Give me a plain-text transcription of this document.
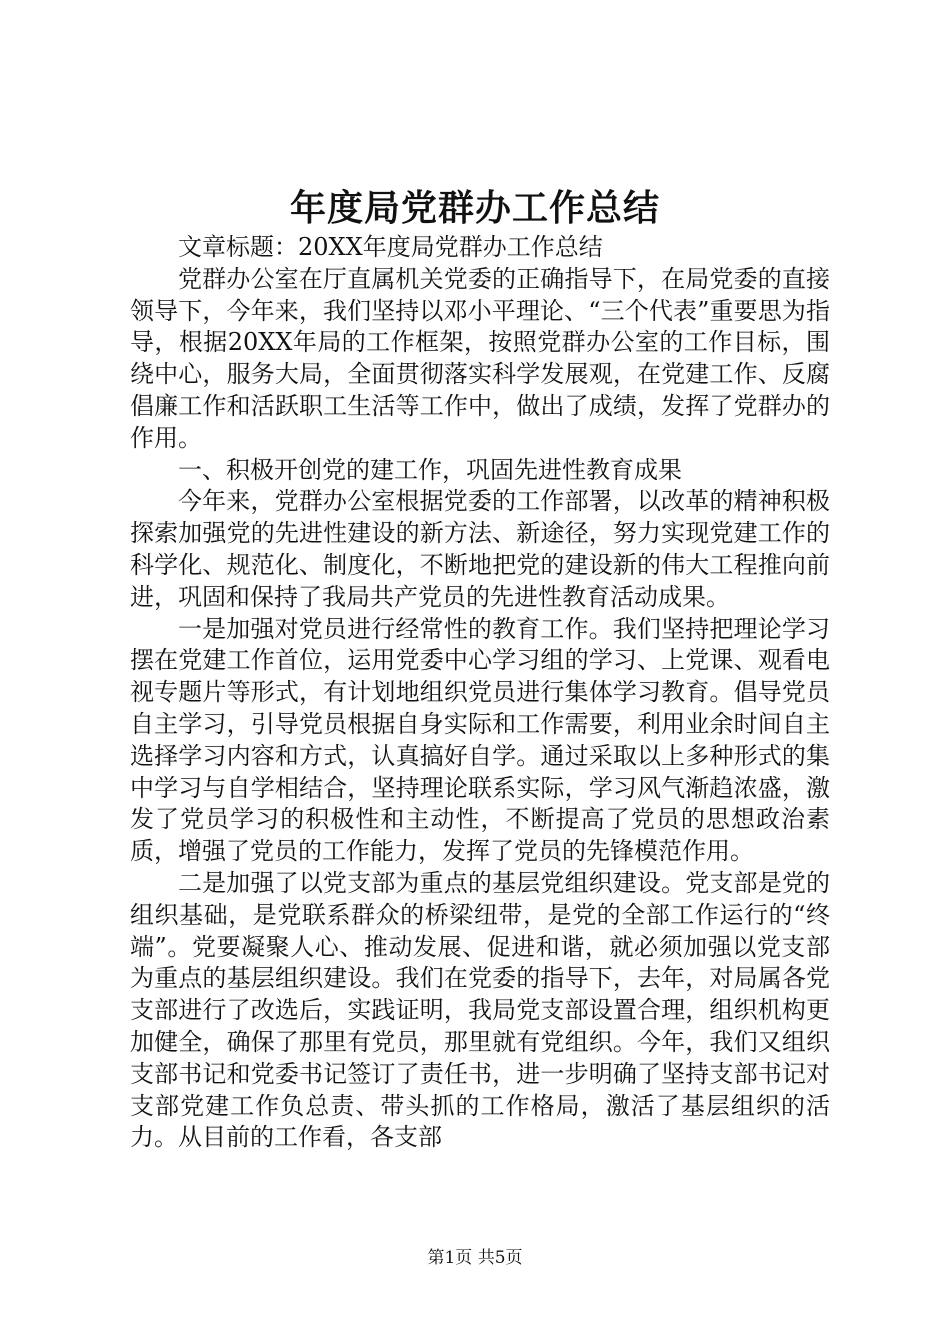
年度局党群办工作总结

文章标题：20XX年度局党群办工作总结

党群办公室在厅直属机关党委的正确指导下，在局党委的直接领导下，今年来，我们坚持以邓小平理论、“三个代表”重要思为指导，根据20XX年局的工作框架，按照党群办公室的工作目标，围绕中心，服务大局，全面贯彻落实科学发展观，在党建工作、反腐倡廉工作和活跃职工生活等工作中，做出了成绩，发挥了党群办的作用。

一、积极开创党的建工作，巩固先进性教育成果

今年来，党群办公室根据党委的工作部署，以改革的精神积极探索加强党的先进性建设的新方法、新途径，努力实现党建工作的科学化、规范化、制度化，不断地把党的建设新的伟大工程推向前进，巩固和保持了我局共产党员的先进性教育活动成果。

一是加强对党员进行经常性的教育工作。我们坚持把理论学习摆在党建工作首位，运用党委中心学习组的学习、上党课、观看电视专题片等形式，有计划地组织党员进行集体学习教育。倡导党员自主学习，引导党员根据自身实际和工作需要，利用业余时间自主选择学习内容和方式，认真搞好自学。通过采取以上多种形式的集中学习与自学相结合，坚持理论联系实际，学习风气渐趋浓盛，激发了党员学习的积极性和主动性，不断提高了党员的思想政治素质，增强了党员的工作能力，发挥了党员的先锋模范作用。

二是加强了以党支部为重点的基层党组织建设。党支部是党的组织基础，是党联系群众的桥梁纽带，是党的全部工作运行的“终端”。党要凝聚人心、推动发展、促进和谐，就必须加强以党支部为重点的基层组织建设。我们在党委的指导下，去年，对局属各党支部进行了改选后，实践证明，我局党支部设置合理，组织机构更加健全，确保了那里有党员，那里就有党组织。今年，我们又组织支部书记和党委书记签订了责任书，进一步明确了坚持支部书记对支部党建工作负总责、带头抓的工作格局，激活了基层组织的活力。从目前的工作看，各支部

第1页 共5页
